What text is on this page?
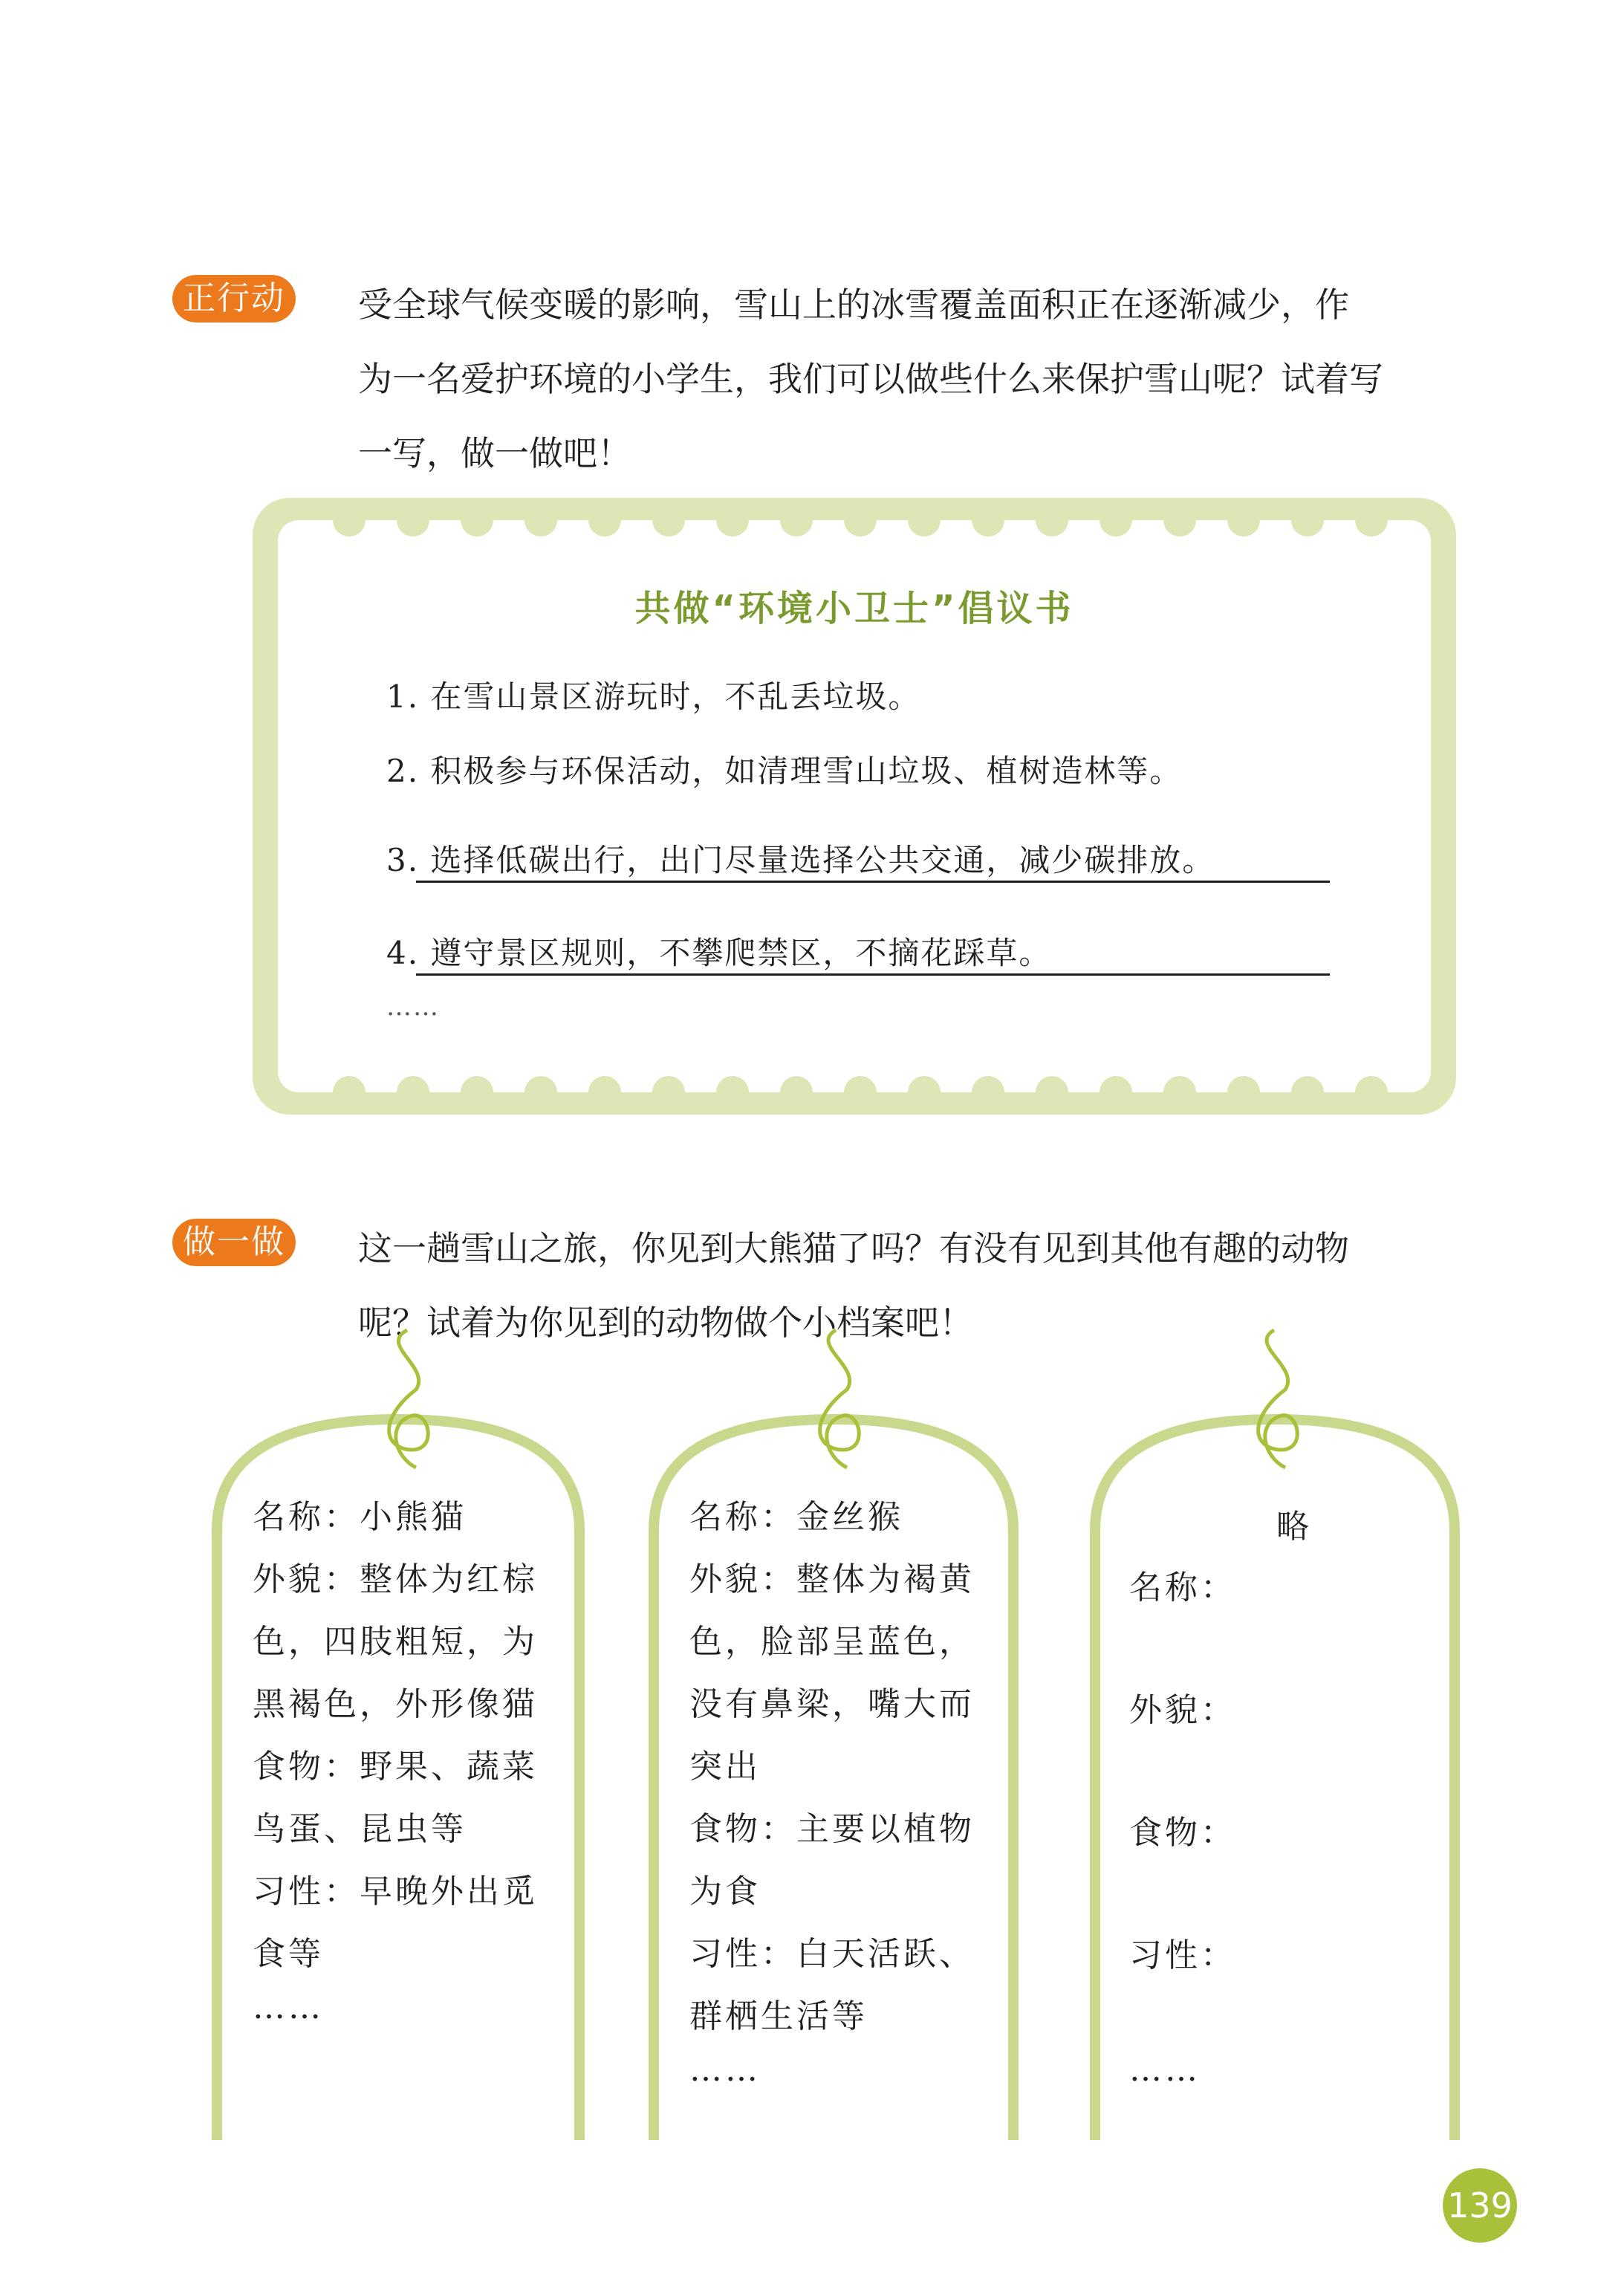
正行动	受全球气候变暖的影响，雪山上的冰雪覆盖面积正在逐渐减少，作
为一名爱护环境的小学生，我们可以做些什么来保护雪山呢？试着写
一写，做一做吧！
共做“环境小卫士”倡议书
1. 在雪山景区游玩时，不乱丢垃圾。
2. 积极参与环保活动，如清理雪山垃圾、植树造林等。
3. 选择低碳出行，出门尽量选择公共交通，减少碳排放。
4. 遵守景区规则，不攀爬禁区，不摘花踩草。
……
做一做	这一趟雪山之旅，你见到大熊猫了吗？有没有见到其他有趣的动物
呢？试着为你见到的动物做个小档案吧！
名称：小熊猫
外貌：整体为红棕
色，四肢粗短，为
黑褐色，外形像猫
食物：野果、蔬菜
鸟蛋、昆虫等
习性：早晚外出觅
食等
……
名称：金丝猴
外貌：整体为褐黄
色，脸部呈蓝色，
没有鼻梁，嘴大而
突出
食物：主要以植物
为食
习性：白天活跃、
群栖生活等
……
略
名称：
外貌：
食物：
习性：
……
139
